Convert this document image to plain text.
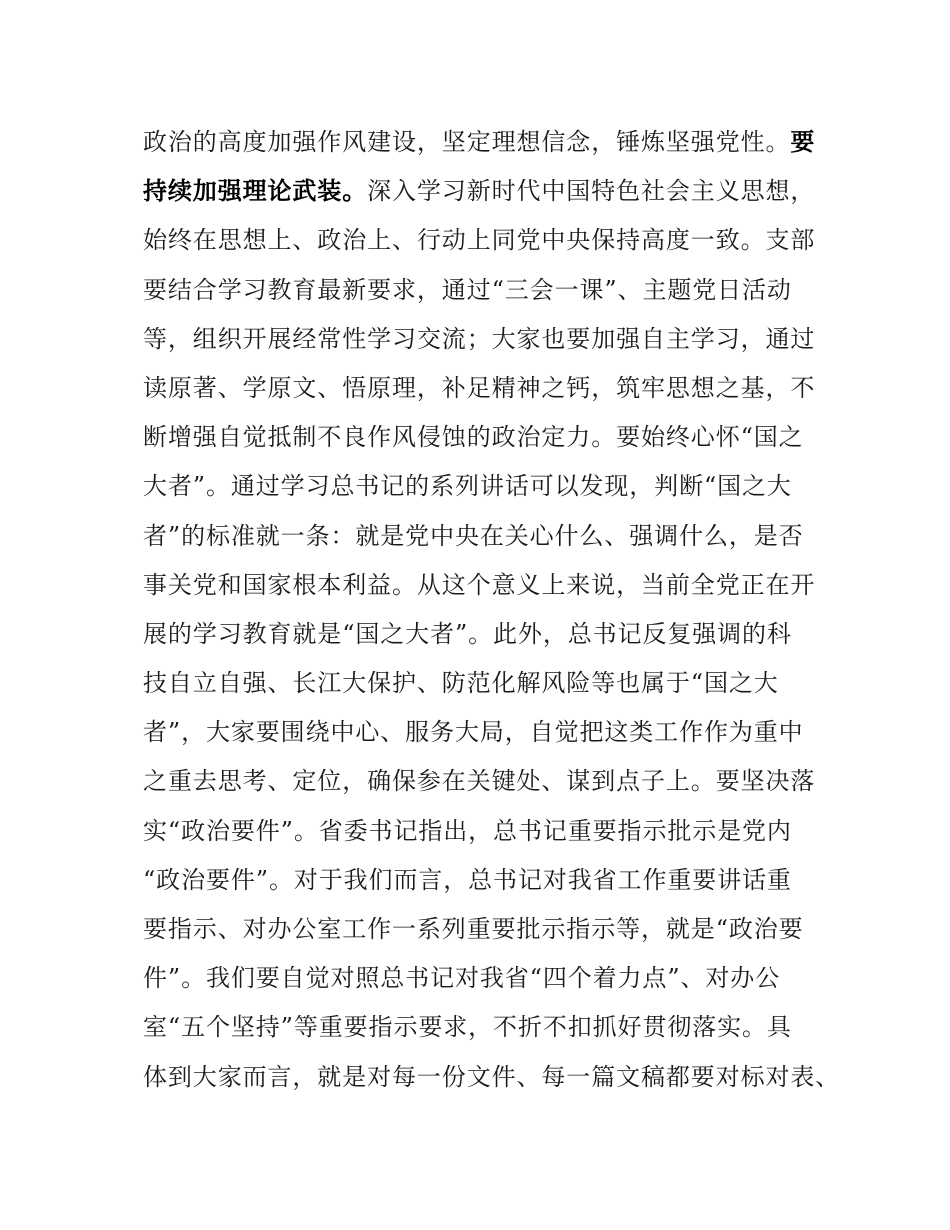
政治的高度加强作风建设，坚定理想信念，锤炼坚强党性。要
持续加强理论武装。深入学习新时代中国特色社会主义思想，
始终在思想上、政治上、行动上同党中央保持高度一致。支部
要结合学习教育最新要求，通过“三会一课”、主题党日活动
等，组织开展经常性学习交流；大家也要加强自主学习，通过
读原著、学原文、悟原理，补足精神之钙，筑牢思想之基，不
断增强自觉抵制不良作风侵蚀的政治定力。要始终心怀“国之
大者”。通过学习总书记的系列讲话可以发现，判断“国之大
者”的标准就一条：就是党中央在关心什么、强调什么，是否
事关党和国家根本利益。从这个意义上来说，当前全党正在开
展的学习教育就是“国之大者”。此外，总书记反复强调的科
技自立自强、长江大保护、防范化解风险等也属于“国之大
者”，大家要围绕中心、服务大局，自觉把这类工作作为重中
之重去思考、定位，确保参在关键处、谋到点子上。要坚决落
实“政治要件”。省委书记指出，总书记重要指示批示是党内
“政治要件”。对于我们而言，总书记对我省工作重要讲话重
要指示、对办公室工作一系列重要批示指示等，就是“政治要
件”。我们要自觉对照总书记对我省“四个着力点”、对办公
室“五个坚持”等重要指示要求，不折不扣抓好贯彻落实。具
体到大家而言，就是对每一份文件、每一篇文稿都要对标对表、
